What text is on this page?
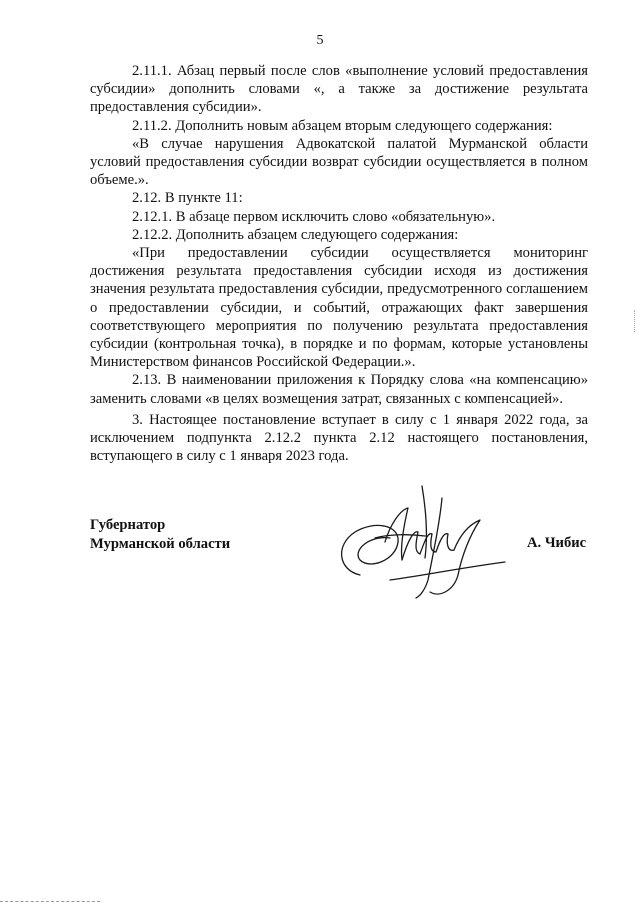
5

2.11.1. Абзац первый после слов «выполнение условий предоставления субсидии» дополнить словами «, а также за достижение результата предоставления субсидии».

2.11.2. Дополнить новым абзацем вторым следующего содержания:

«В случае нарушения Адвокатской палатой Мурманской области условий предоставления субсидии возврат субсидии осуществляется в полном объеме.».

2.12. В пункте 11:

2.12.1. В абзаце первом исключить слово «обязательную».

2.12.2. Дополнить абзацем следующего содержания:

«При предоставлении субсидии осуществляется мониторинг достижения результата предоставления субсидии исходя из достижения значения результата предоставления субсидии, предусмотренного соглашением о предоставлении субсидии, и событий, отражающих факт завершения соответствующего мероприятия по получению результата предоставления субсидии (контрольная точка), в порядке и по формам, которые установлены Министерством финансов Российской Федерации.».

2.13. В наименовании приложения к Порядку слова «на компенсацию» заменить словами «в целях возмещения затрат, связанных с компенсацией».

3. Настоящее постановление вступает в силу с 1 января 2022 года, за исключением подпункта 2.12.2 пункта 2.12 настоящего постановления, вступающего в силу с 1 января 2023 года.

Губернатор
Мурманской области	А. Чибис
